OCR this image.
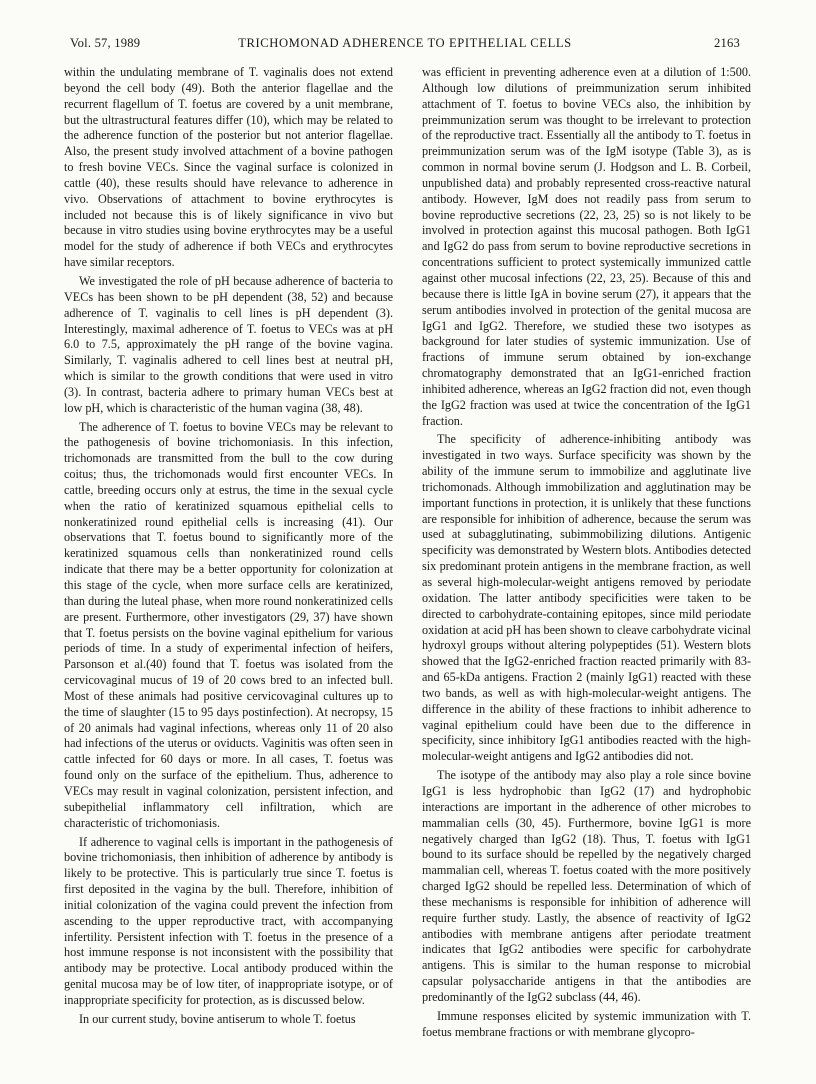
Vol. 57, 1989	TRICHOMONAD ADHERENCE TO EPITHELIAL CELLS	2163

within the undulating membrane of T. vaginalis does not extend beyond the cell body (49). Both the anterior flagellae and the recurrent flagellum of T. foetus are covered by a unit membrane, but the ultrastructural features differ (10), which may be related to the adherence function of the posterior but not anterior flagellae. Also, the present study involved attachment of a bovine pathogen to fresh bovine VECs. Since the vaginal surface is colonized in cattle (40), these results should have relevance to adherence in vivo. Observations of attachment to bovine erythrocytes is included not because this is of likely significance in vivo but because in vitro studies using bovine erythrocytes may be a useful model for the study of adherence if both VECs and erythrocytes have similar receptors.

We investigated the role of pH because adherence of bacteria to VECs has been shown to be pH dependent (38, 52) and because adherence of T. vaginalis to cell lines is pH dependent (3). Interestingly, maximal adherence of T. foetus to VECs was at pH 6.0 to 7.5, approximately the pH range of the bovine vagina. Similarly, T. vaginalis adhered to cell lines best at neutral pH, which is similar to the growth conditions that were used in vitro (3). In contrast, bacteria adhere to primary human VECs best at low pH, which is characteristic of the human vagina (38, 48).

The adherence of T. foetus to bovine VECs may be relevant to the pathogenesis of bovine trichomoniasis. In this infection, trichomonads are transmitted from the bull to the cow during coitus; thus, the trichomonads would first encounter VECs. In cattle, breeding occurs only at estrus, the time in the sexual cycle when the ratio of keratinized squamous epithelial cells to nonkeratinized round epithelial cells is increasing (41). Our observations that T. foetus bound to significantly more of the keratinized squamous cells than nonkeratinized round cells indicate that there may be a better opportunity for colonization at this stage of the cycle, when more surface cells are keratinized, than during the luteal phase, when more round nonkeratinized cells are present. Furthermore, other investigators (29, 37) have shown that T. foetus persists on the bovine vaginal epithelium for various periods of time. In a study of experimental infection of heifers, Parsonson et al.(40) found that T. foetus was isolated from the cervicovaginal mucus of 19 of 20 cows bred to an infected bull. Most of these animals had positive cervicovaginal cultures up to the time of slaughter (15 to 95 days postinfection). At necropsy, 15 of 20 animals had vaginal infections, whereas only 11 of 20 also had infections of the uterus or oviducts. Vaginitis was often seen in cattle infected for 60 days or more. In all cases, T. foetus was found only on the surface of the epithelium. Thus, adherence to VECs may result in vaginal colonization, persistent infection, and subepithelial inflammatory cell infiltration, which are characteristic of trichomoniasis.

If adherence to vaginal cells is important in the pathogenesis of bovine trichomoniasis, then inhibition of adherence by antibody is likely to be protective. This is particularly true since T. foetus is first deposited in the vagina by the bull. Therefore, inhibition of initial colonization of the vagina could prevent the infection from ascending to the upper reproductive tract, with accompanying infertility. Persistent infection with T. foetus in the presence of a host immune response is not inconsistent with the possibility that antibody may be protective. Local antibody produced within the genital mucosa may be of low titer, of inappropriate isotype, or of inappropriate specificity for protection, as is discussed below.

In our current study, bovine antiserum to whole T. foetus

was efficient in preventing adherence even at a dilution of 1:500. Although low dilutions of preimmunization serum inhibited attachment of T. foetus to bovine VECs also, the inhibition by preimmunization serum was thought to be irrelevant to protection of the reproductive tract. Essentially all the antibody to T. foetus in preimmunization serum was of the IgM isotype (Table 3), as is common in normal bovine serum (J. Hodgson and L. B. Corbeil, unpublished data) and probably represented cross-reactive natural antibody. However, IgM does not readily pass from serum to bovine reproductive secretions (22, 23, 25) so is not likely to be involved in protection against this mucosal pathogen. Both IgG1 and IgG2 do pass from serum to bovine reproductive secretions in concentrations sufficient to protect systemically immunized cattle against other mucosal infections (22, 23, 25). Because of this and because there is little IgA in bovine serum (27), it appears that the serum antibodies involved in protection of the genital mucosa are IgG1 and IgG2. Therefore, we studied these two isotypes as background for later studies of systemic immunization. Use of fractions of immune serum obtained by ion-exchange chromatography demonstrated that an IgG1-enriched fraction inhibited adherence, whereas an IgG2 fraction did not, even though the IgG2 fraction was used at twice the concentration of the IgG1 fraction.

The specificity of adherence-inhibiting antibody was investigated in two ways. Surface specificity was shown by the ability of the immune serum to immobilize and agglutinate live trichomonads. Although immobilization and agglutination may be important functions in protection, it is unlikely that these functions are responsible for inhibition of adherence, because the serum was used at subagglutinating, subimmobilizing dilutions. Antigenic specificity was demonstrated by Western blots. Antibodies detected six predominant protein antigens in the membrane fraction, as well as several high-molecular-weight antigens removed by periodate oxidation. The latter antibody specificities were taken to be directed to carbohydrate-containing epitopes, since mild periodate oxidation at acid pH has been shown to cleave carbohydrate vicinal hydroxyl groups without altering polypeptides (51). Western blots showed that the IgG2-enriched fraction reacted primarily with 83- and 65-kDa antigens. Fraction 2 (mainly IgG1) reacted with these two bands, as well as with high-molecular-weight antigens. The difference in the ability of these fractions to inhibit adherence to vaginal epithelium could have been due to the difference in specificity, since inhibitory IgG1 antibodies reacted with the high-molecular-weight antigens and IgG2 antibodies did not.

The isotype of the antibody may also play a role since bovine IgG1 is less hydrophobic than IgG2 (17) and hydrophobic interactions are important in the adherence of other microbes to mammalian cells (30, 45). Furthermore, bovine IgG1 is more negatively charged than IgG2 (18). Thus, T. foetus with IgG1 bound to its surface should be repelled by the negatively charged mammalian cell, whereas T. foetus coated with the more positively charged IgG2 should be repelled less. Determination of which of these mechanisms is responsible for inhibition of adherence will require further study. Lastly, the absence of reactivity of IgG2 antibodies with membrane antigens after periodate treatment indicates that IgG2 antibodies were specific for carbohydrate antigens. This is similar to the human response to microbial capsular polysaccharide antigens in that the antibodies are predominantly of the IgG2 subclass (44, 46).

Immune responses elicited by systemic immunization with T. foetus membrane fractions or with membrane glycopro-
